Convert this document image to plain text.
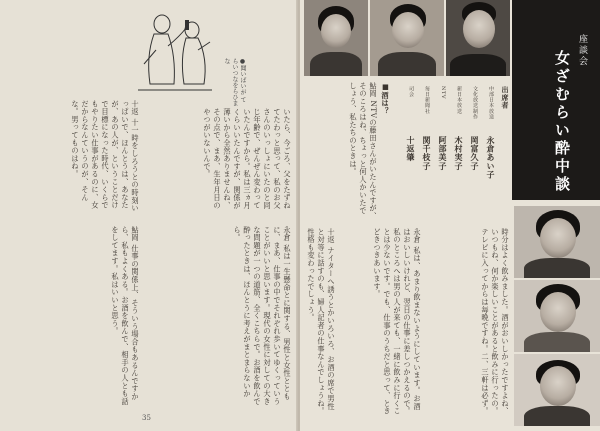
●聞いばいが てらいつなをらひまな
いたら、今ごろ、父をたずねてたわっと思って、私のお父さんのいっしょにいたのと同じ年齢で、ぜんぜん変わっていたんですから。私は三ヵ月くらいいたんですが、関係が薄いから全然ありませんね、その点で、まあ、生年月日のやつがいないんで。
十返 十一時をしろうとの時刻いっぱいで、ほんとうは、あなたが、あの人が、ということだけで目標になった時代、いくらでもやりたい仕事があるのに、女だからなんていうのが、そんな。男ってものはね。
永倉 私は一生懸命とに関する、男性と女性とともに、まあ、仕事の中でそれぞれ歩いてゆくっていうことがいいと思います。現代の女性に対しての大きな問題が一つの道筋、全くこちらで。お酒を飲んで酔ったときは、ほんとうに考えがまとまらないから。
鮎岡 仕事の関係上、そういう場合もあるんですから、私もよくある。お酒を飲んで、相手の人とも話をしてます。私はいいと思う。
35
座談会
女ざむらい酔中談
出席者
中部日本放送
永倉あい子
文化放送制作
岡富久子
新日本放送
木村実子
NTV
阿部美子
毎日新聞社
関千枝子
司会
十返肇
■酒は？
鮎岡 NTVの藤田さんがいたんですが、そのころはね、ちょっと何人かいたでしょう、私たちのときは。
時分はよく飲みました。酒がおいしかったですよね、いつもね、何か楽しいことがあると飲みに行ったの。テレビに入ってからは毎晩ですね。二、三軒は必ず。
永倉 私は、あまり飲まないようにしています。お酒はおいしいけれど、翌日の仕事に差しつかえるので。私のところへは男の人が来ても、一緒に飲みに行くことは少ないです。でも、仕事のうちだと思って、ときどきつきあいます。
十返 ナイターへ誘うとかいろいろ、お酒の席で男性と対等に話すのも、婦人記者の仕事なんでしょうね。性格も変わったでしょう。
